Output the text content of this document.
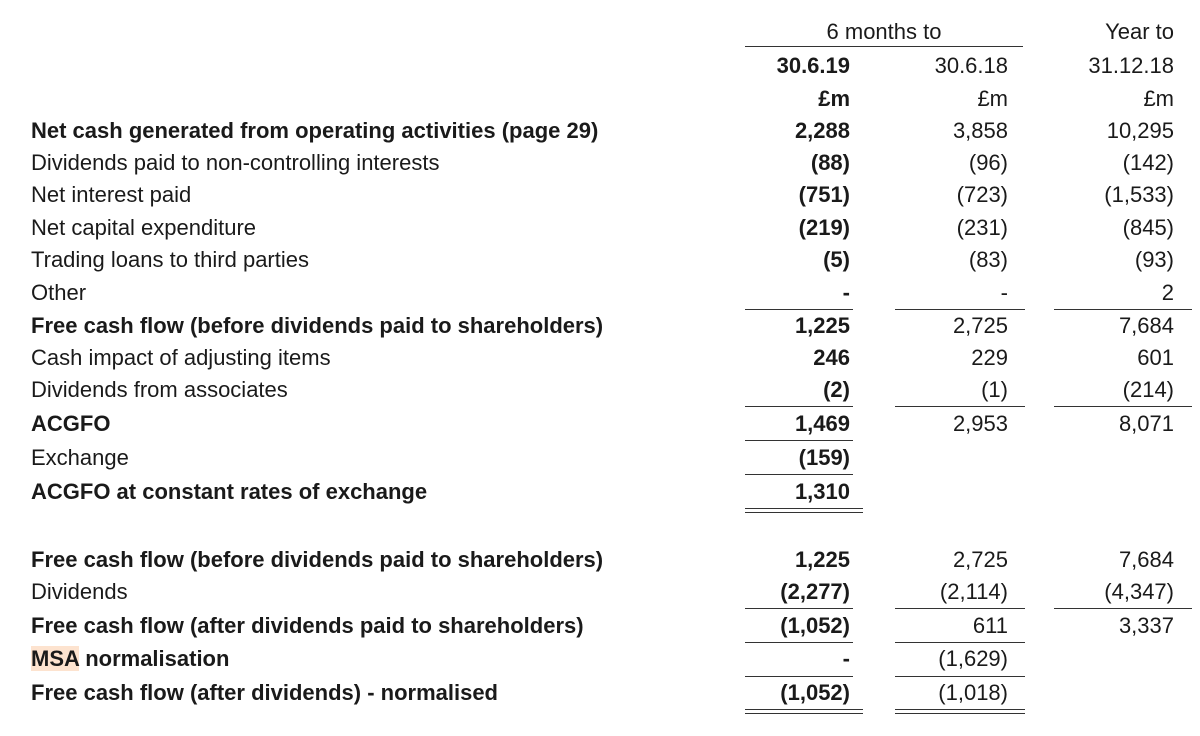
6 months to	Year to
30.6.19	30.6.18	31.12.18
£m	£m	£m
Net cash generated from operating activities (page 29)	2,288	3,858	10,295
Dividends paid to non-controlling interests	(88)	(96)	(142)
Net interest paid	(751)	(723)	(1,533)
Net capital expenditure	(219)	(231)	(845)
Trading loans to third parties	(5)	(83)	(93)
Other	-	-	2
Free cash flow (before dividends paid to shareholders)	1,225	2,725	7,684
Cash impact of adjusting items	246	229	601
Dividends from associates	(2)	(1)	(214)
ACGFO	1,469	2,953	8,071
Exchange	(159)
ACGFO at constant rates of exchange	1,310
Free cash flow (before dividends paid to shareholders)	1,225	2,725	7,684
Dividends	(2,277)	(2,114)	(4,347)
Free cash flow (after dividends paid to shareholders)	(1,052)	611	3,337
MSA normalisation	-	(1,629)
Free cash flow (after dividends) - normalised	(1,052)	(1,018)
